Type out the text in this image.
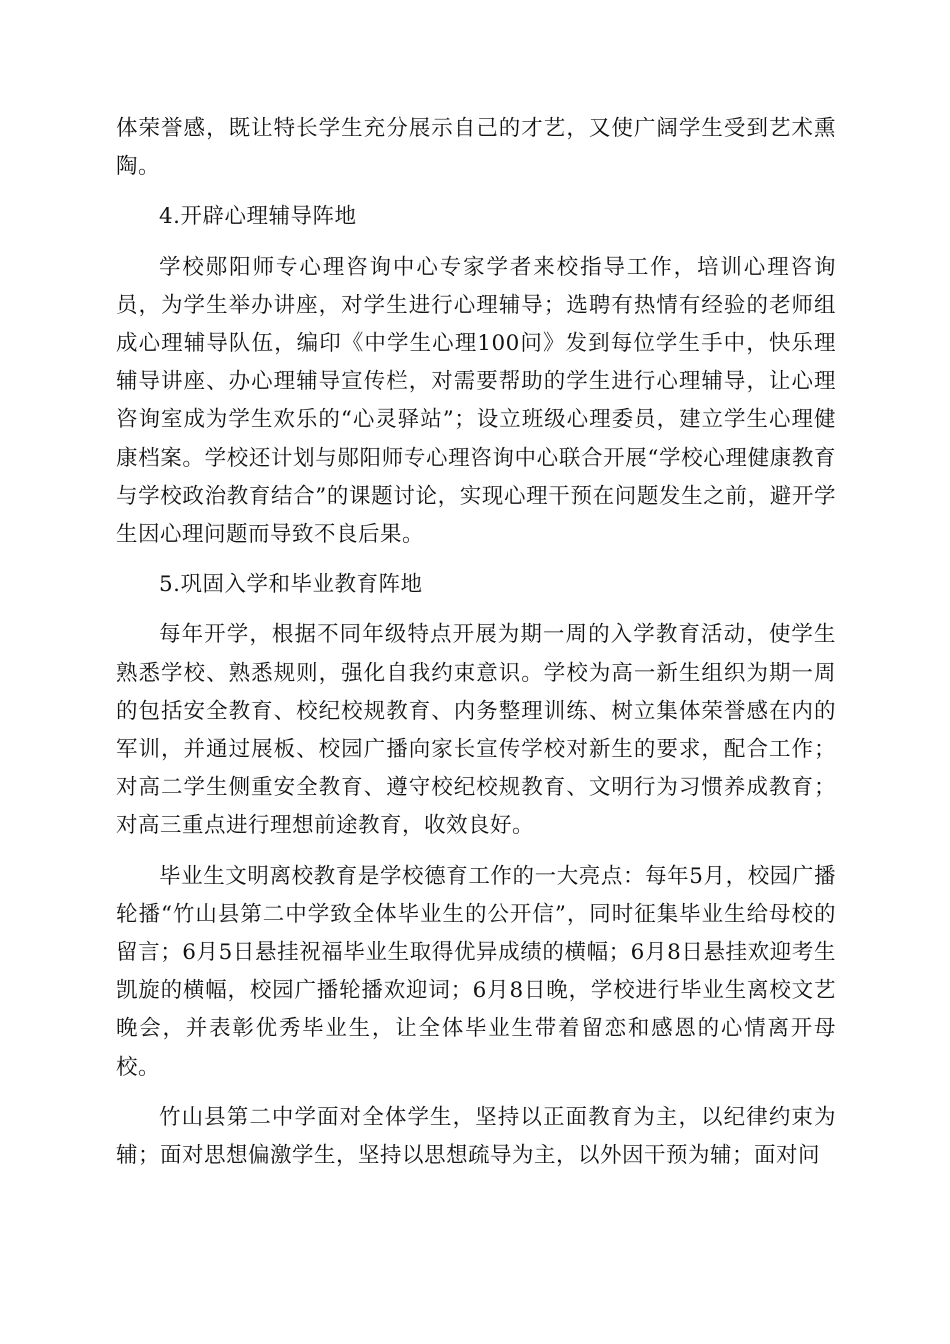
体荣誉感，既让特长学生充分展示自己的才艺，又使广阔学生受到艺术熏陶。

4.开辟心理辅导阵地

学校郧阳师专心理咨询中心专家学者来校指导工作，培训心理咨询员，为学生举办讲座，对学生进行心理辅导；选聘有热情有经验的老师组成心理辅导队伍，编印《中学生心理100问》发到每位学生手中，快乐理辅导讲座、办心理辅导宣传栏，对需要帮助的学生进行心理辅导，让心理咨询室成为学生欢乐的“心灵驿站”；设立班级心理委员，建立学生心理健康档案。学校还计划与郧阳师专心理咨询中心联合开展“学校心理健康教育与学校政治教育结合”的课题讨论，实现心理干预在问题发生之前，避开学生因心理问题而导致不良后果。

5.巩固入学和毕业教育阵地

每年开学，根据不同年级特点开展为期一周的入学教育活动，使学生熟悉学校、熟悉规则，强化自我约束意识。学校为高一新生组织为期一周的包括安全教育、校纪校规教育、内务整理训练、树立集体荣誉感在内的军训，并通过展板、校园广播向家长宣传学校对新生的要求，配合工作；对高二学生侧重安全教育、遵守校纪校规教育、文明行为习惯养成教育；对高三重点进行理想前途教育，收效良好。

毕业生文明离校教育是学校德育工作的一大亮点：每年5月，校园广播轮播“竹山县第二中学致全体毕业生的公开信”，同时征集毕业生给母校的留言；6月5日悬挂祝福毕业生取得优异成绩的横幅；6月8日悬挂欢迎考生凯旋的横幅，校园广播轮播欢迎词；6月8日晚，学校进行毕业生离校文艺晚会，并表彰优秀毕业生，让全体毕业生带着留恋和感恩的心情离开母校。

竹山县第二中学面对全体学生，坚持以正面教育为主，以纪律约束为辅；面对思想偏激学生，坚持以思想疏导为主，以外因干预为辅；面对问
